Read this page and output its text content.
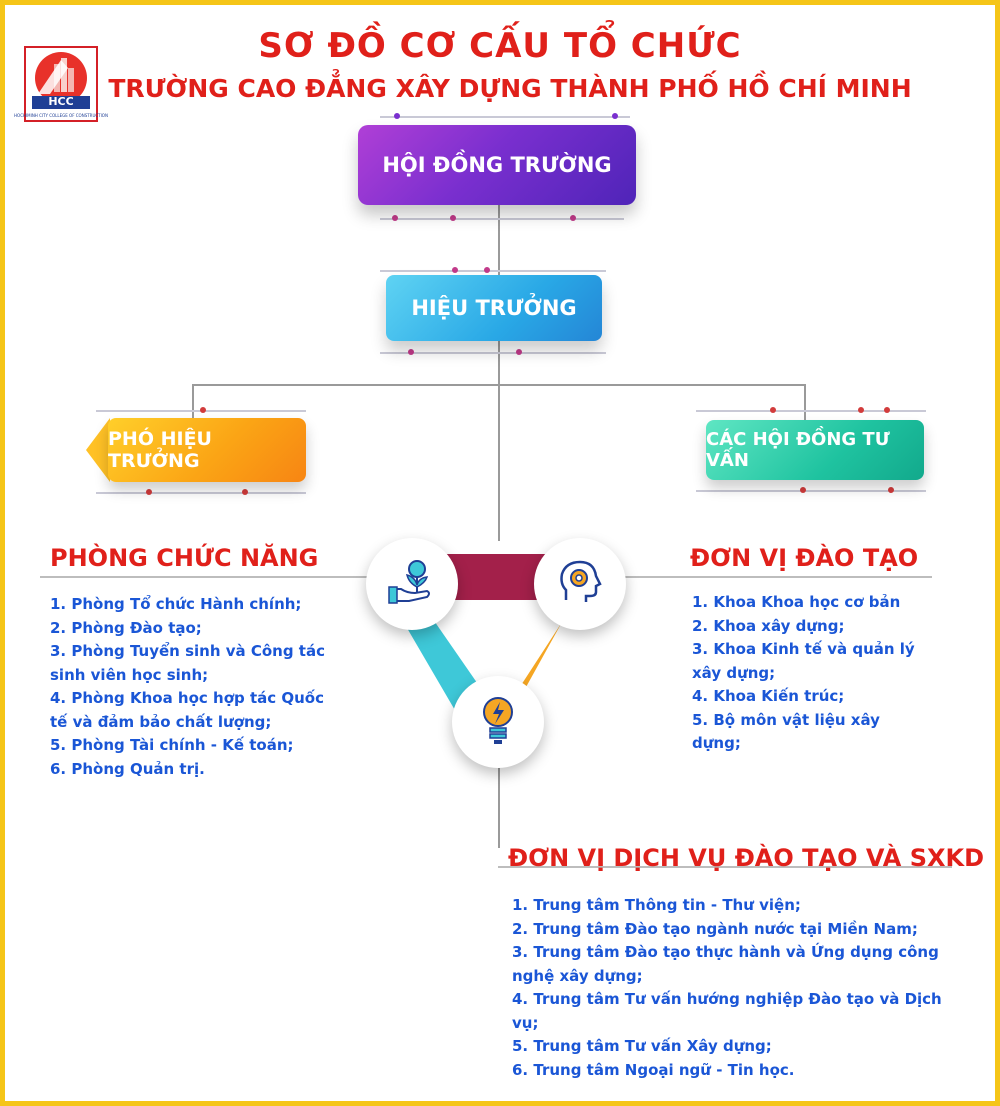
HOCHIMINH CITY COLLEGE OF CONSTRUCTION
HCC
SƠ ĐỒ CƠ CẤU TỔ CHỨC
TRƯỜNG CAO ĐẲNG XÂY DỰNG THÀNH PHỐ HỒ CHÍ MINH
HỘI ĐỒNG TRƯỜNG
HIỆU TRƯỞNG
PHÓ HIỆU TRƯỞNG
CÁC HỘI ĐỒNG TƯ VẤN
PHÒNG CHỨC NĂNG
1. Phòng Tổ chức Hành chính;
2. Phòng Đào tạo;
3. Phòng Tuyển sinh và Công tác
sinh viên học sinh;
4. Phòng Khoa học hợp tác Quốc
tế và đảm bảo chất lượng;
5. Phòng Tài chính - Kế toán;
6. Phòng Quản trị.
ĐƠN VỊ ĐÀO TẠO
1. Khoa Khoa học cơ bản
2. Khoa xây dựng;
3. Khoa Kinh tế và quản lý
xây dựng;
4. Khoa Kiến trúc;
5. Bộ môn vật liệu xây dựng;
ĐƠN VỊ DỊCH VỤ ĐÀO TẠO VÀ SXKD
1. Trung tâm Thông tin - Thư viện;
2. Trung tâm Đào tạo ngành nước tại Miền Nam;
3. Trung tâm Đào tạo thực hành và Ứng dụng công
nghệ xây dựng;
4. Trung tâm Tư vấn hướng nghiệp Đào tạo và Dịch
vụ;
5. Trung tâm Tư vấn Xây dựng;
6. Trung tâm Ngoại ngữ - Tin học.
